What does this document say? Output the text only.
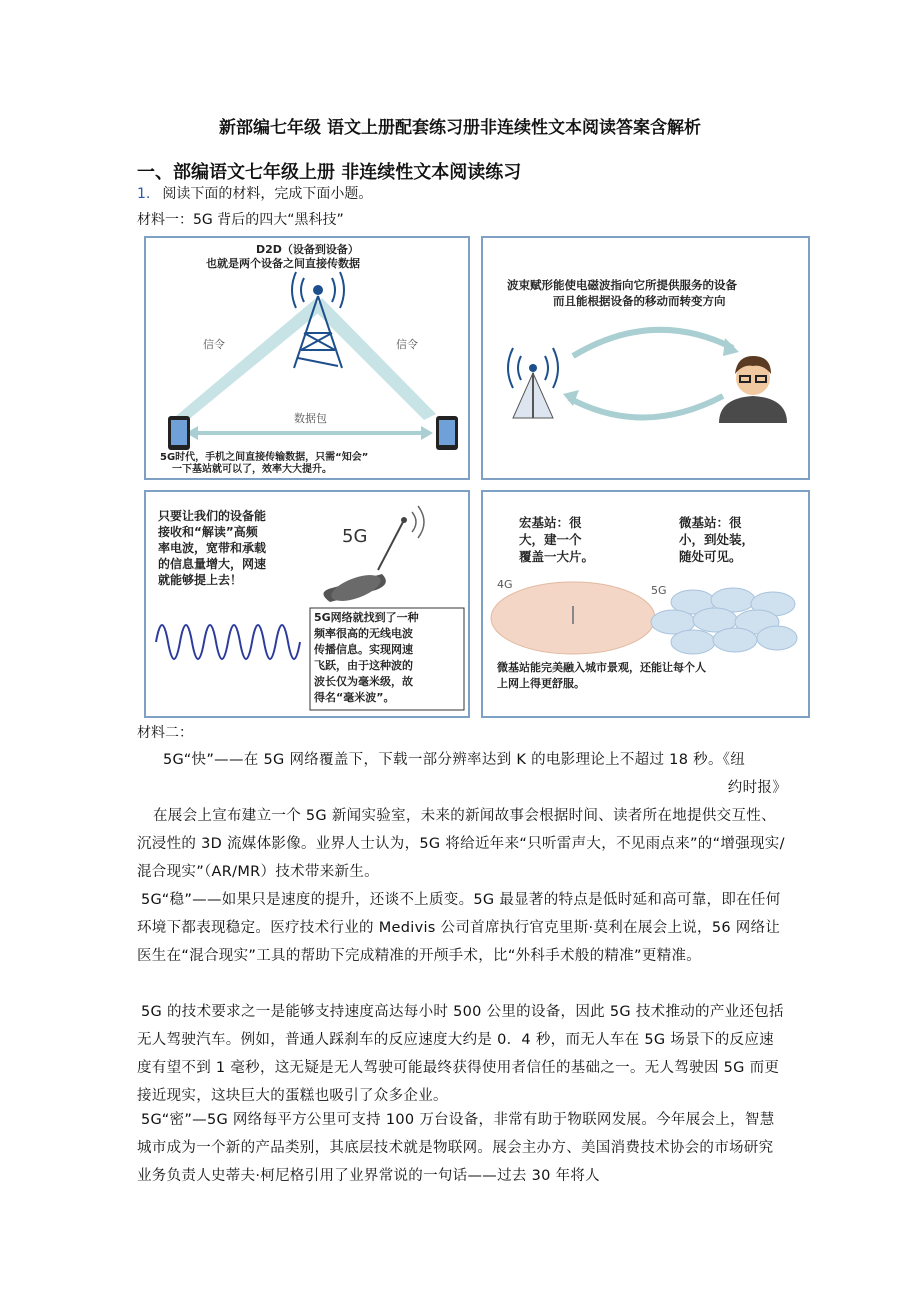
新部编七年级 语文上册配套练习册非连续性文本阅读答案含解析
一、部编语文七年级上册 非连续性文本阅读练习
1. 阅读下面的材料，完成下面小题。
材料一：5G 背后的四大“黑科技”
D2D（设备到设备）
也就是两个设备之间直接传数据
信令	信令
数据包
5G时代，手机之间直接传输数据，只需“知会”
一下基站就可以了，效率大大提升。
波束赋形能使电磁波指向它所提供服务的设备
而且能根据设备的移动而转变方向
只要让我们的设备能
接收和“解读”高频
率电波，宽带和承载
的信息量增大，网速
就能够提上去！
5G
5G网络就找到了一种
频率很高的无线电波
传播信息。实现网速
飞跃，由于这种波的
波长仅为毫米级，故
得名“毫米波”。
宏基站：很
大，建一个
覆盖一大片。
微基站：很
小，到处装，
随处可见。
4G	5G
微基站能完美融入城市景观，还能让每个人
上网上得更舒服。
材料二：
5G“快”——在 5G 网络覆盖下，下载一部分辨率达到 K 的电影理论上不超过 18 秒。《纽
约时报》
在展会上宣布建立一个 5G 新闻实验室，未来的新闻故事会根据时间、读者所在地提供交互性、沉浸性的 3D 流媒体影像。业界人士认为，5G 将给近年来“只听雷声大，不见雨点来”的“增强现实/混合现实”（AR/MR）技术带来新生。
5G“稳”——如果只是速度的提升，还谈不上质变。5G 最显著的特点是低时延和高可靠，即在任何环境下都表现稳定。医疗技术行业的 Medivis 公司首席执行官克里斯·莫利在展会上说，56 网络让医生在“混合现实”工具的帮助下完成精准的开颅手术，比“外科手术般的精准”更精准。
5G 的技术要求之一是能够支持速度高达每小时 500 公里的设备，因此 5G 技术推动的产业还包括无人驾驶汽车。例如，普通人踩刹车的反应速度大约是 0．4 秒，而无人车在 5G 场景下的反应速度有望不到 1 毫秒，这无疑是无人驾驶可能最终获得使用者信任的基础之一。无人驾驶因 5G 而更接近现实，这块巨大的蛋糕也吸引了众多企业。
5G“密”—5G 网络每平方公里可支持 100 万台设备，非常有助于物联网发展。今年展会上，智慧城市成为一个新的产品类别，其底层技术就是物联网。展会主办方、美国消费技术协会的市场研究业务负责人史蒂夫·柯尼格引用了业界常说的一句话——过去 30 年将人
